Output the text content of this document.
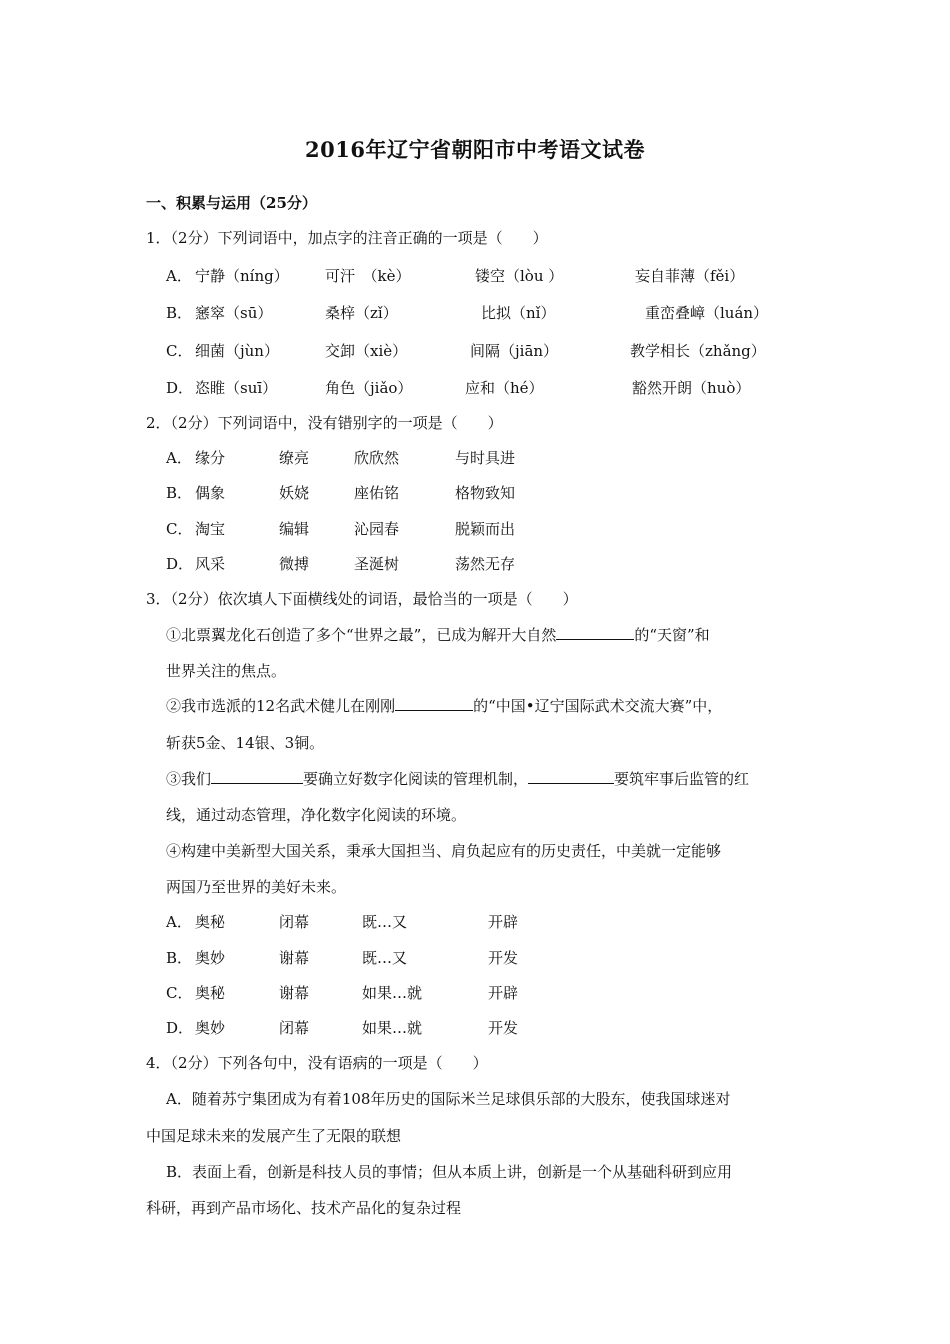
2016年辽宁省朝阳市中考语文试卷
一、积累与运用（25分）
1．（2分）下列词语中，加点字的注音正确的一项是（　　）
A． 宁静（níng） 可汗　（kè）	镂空（lòu ）	妄自菲薄（fěi）
B． 窸窣（sū）	桑梓（zǐ）	比拟（nǐ）	重峦叠嶂（luán）
C． 细菌（jùn）	交卸（xiè）	间隔（jiān）	教学相长（zhǎng）
D． 恣睢（suī）	角色（jiǎo）	应和（hé）	豁然开朗（huò）
2．（2分）下列词语中，没有错别字的一项是（　　）
A． 缘分	缭亮	欣欣然	与时具进
B． 偶象	妖娆	座佑铭	格物致知
C． 淘宝	编辑	沁园春	脱颖而出
D． 风采	微搏	圣涎树	荡然无存
3．（2分）依次填人下面横线处的词语，最恰当的一项是（　　）
①北票翼龙化石创造了多个“世界之最”，已成为解开大自然	的“天窗”和
世界关注的焦点。
②我市选派的12名武术健儿在刚刚	的“中国•辽宁国际武术交流大赛”中，
斩获5金、14银、3铜。
③我们	要确立好数字化阅读的管理机制，	要筑牢事后监管的红
线，通过动态管理，净化数字化阅读的环境。
④构建中美新型大国关系，秉承大国担当、肩负起应有的历史责任，中美就一定能够
两国乃至世界的美好未来。
A． 奥秘	闭幕	既…又	开辟
B． 奥妙	谢幕	既…又	开发
C． 奥秘	谢幕	如果…就	开辟
D． 奥妙	闭幕	如果…就	开发
4．（2分）下列各句中，没有语病的一项是（　　）
A．随着苏宁集团成为有着108年历史的国际米兰足球俱乐部的大股东，使我国球迷对
中国足球未来的发展产生了无限的联想
B．表面上看，创新是科技人员的事情；但从本质上讲，创新是一个从基础科研到应用
科研，再到产品市场化、技术产品化的复杂过程
